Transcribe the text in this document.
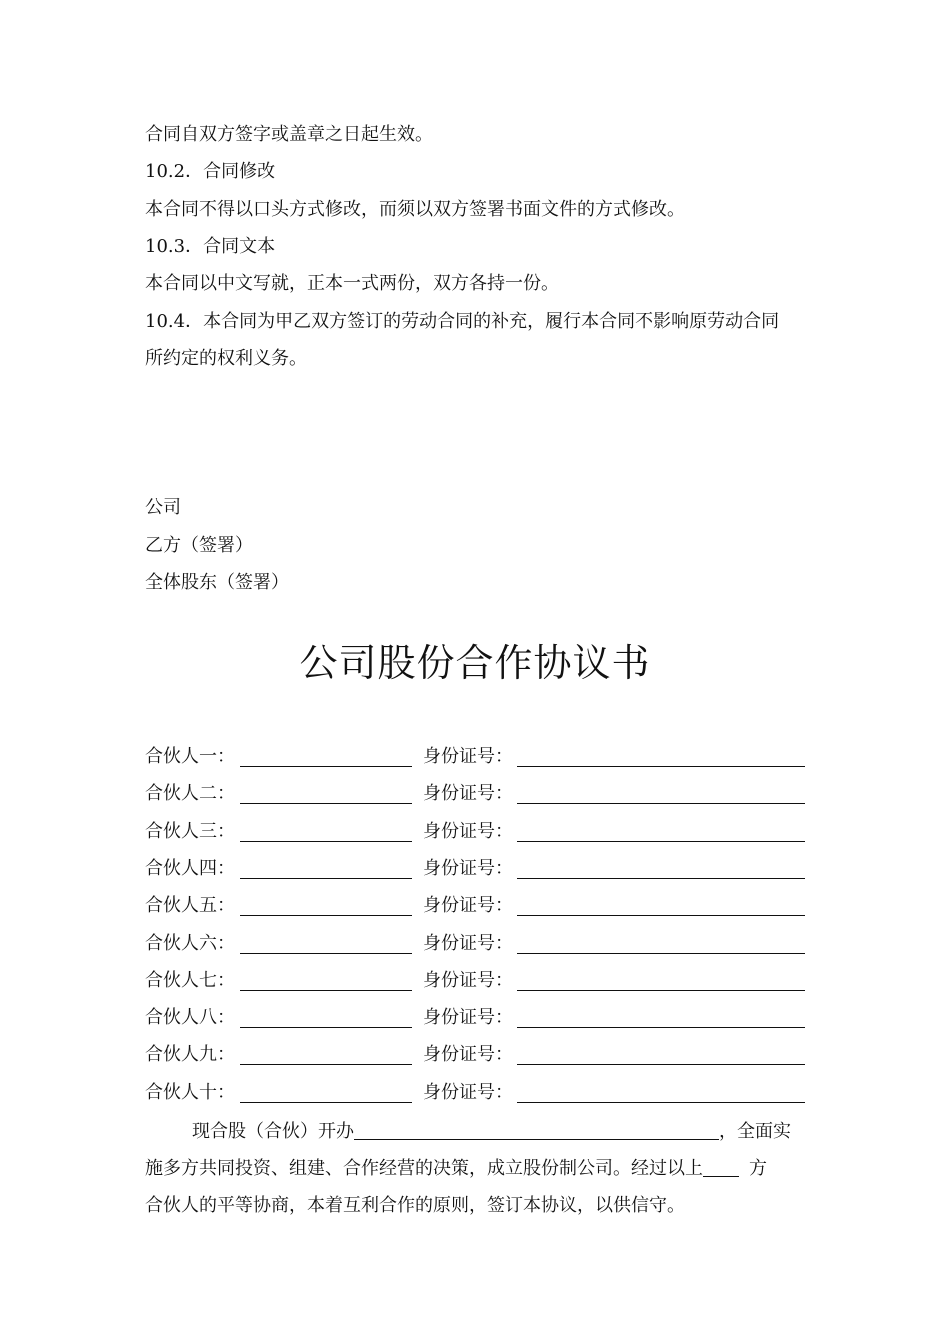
合同自双方签字或盖章之日起生效。
10.2．合同修改
本合同不得以口头方式修改，而须以双方签署书面文件的方式修改。
10.3．合同文本
本合同以中文写就，正本一式两份，双方各持一份。
10.4．本合同为甲乙双方签订的劳动合同的补充，履行本合同不影响原劳动合同
所约定的权利义务。
公司
乙方（签署）
全体股东（签署）
公司股份合作协议书
合伙人一：	身份证号：
合伙人二：	身份证号：
合伙人三：	身份证号：
合伙人四：	身份证号：
合伙人五：	身份证号：
合伙人六：	身份证号：
合伙人七：	身份证号：
合伙人八：	身份证号：
合伙人九：	身份证号：
合伙人十：	身份证号：
现合股（合伙）开办	，全面实
施多方共同投资、组建、合作经营的决策，成立股份制公司。经过以上	方
合伙人的平等协商，本着互利合作的原则，签订本协议，以供信守。
